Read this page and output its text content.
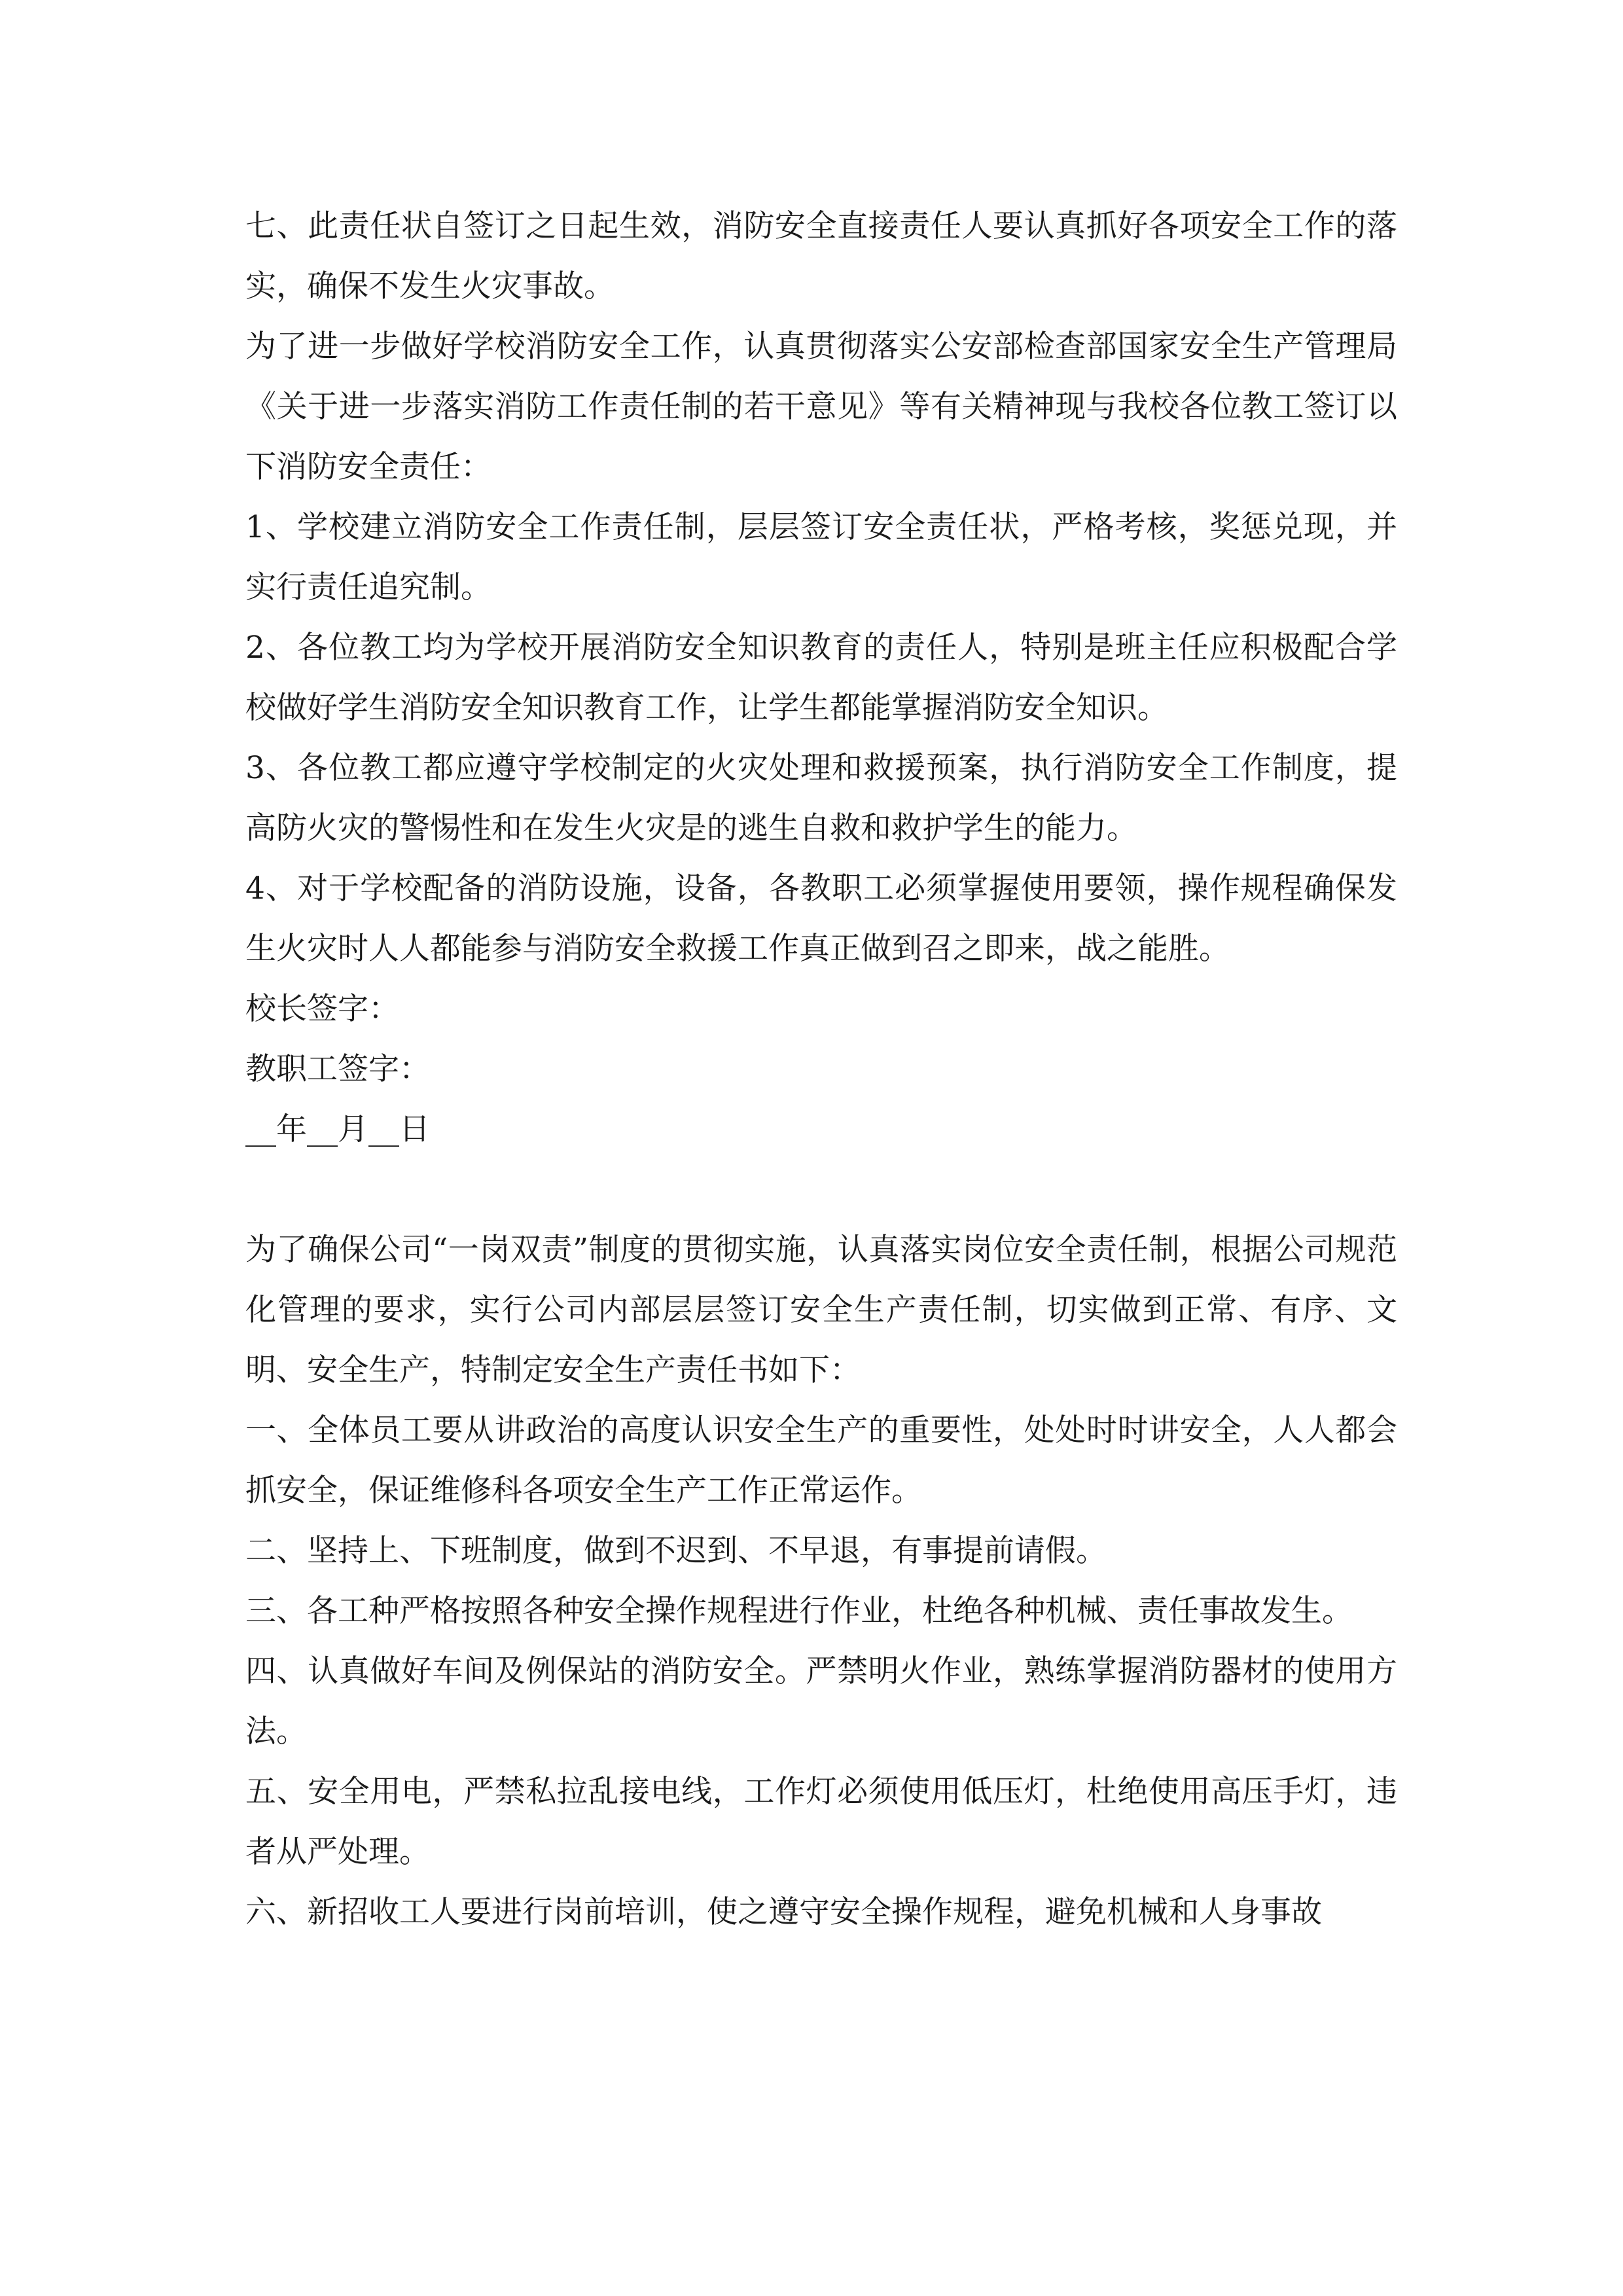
七、此责任状自签订之日起生效，消防安全直接责任人要认真抓好各项安全工作的落实，确保不发生火灾事故。

为了进一步做好学校消防安全工作，认真贯彻落实公安部检查部国家安全生产管理局《关于进一步落实消防工作责任制的若干意见》等有关精神现与我校各位教工签订以下消防安全责任：

1、学校建立消防安全工作责任制，层层签订安全责任状，严格考核，奖惩兑现，并实行责任追究制。

2、各位教工均为学校开展消防安全知识教育的责任人，特别是班主任应积极配合学校做好学生消防安全知识教育工作，让学生都能掌握消防安全知识。

3、各位教工都应遵守学校制定的火灾处理和救援预案，执行消防安全工作制度，提高防火灾的警惕性和在发生火灾是的逃生自救和救护学生的能力。

4、对于学校配备的消防设施，设备，各教职工必须掌握使用要领，操作规程确保发生火灾时人人都能参与消防安全救援工作真正做到召之即来，战之能胜。

校长签字：

教职工签字：

__年__月__日

为了确保公司“一岗双责”制度的贯彻实施，认真落实岗位安全责任制，根据公司规范化管理的要求，实行公司内部层层签订安全生产责任制，切实做到正常、有序、文明、安全生产，特制定安全生产责任书如下：

一、全体员工要从讲政治的高度认识安全生产的重要性，处处时时讲安全，人人都会抓安全，保证维修科各项安全生产工作正常运作。

二、坚持上、下班制度，做到不迟到、不早退，有事提前请假。

三、各工种严格按照各种安全操作规程进行作业，杜绝各种机械、责任事故发生。

四、认真做好车间及例保站的消防安全。严禁明火作业，熟练掌握消防器材的使用方法。

五、安全用电，严禁私拉乱接电线，工作灯必须使用低压灯，杜绝使用高压手灯，违者从严处理。

六、新招收工人要进行岗前培训，使之遵守安全操作规程，避免机械和人身事故
